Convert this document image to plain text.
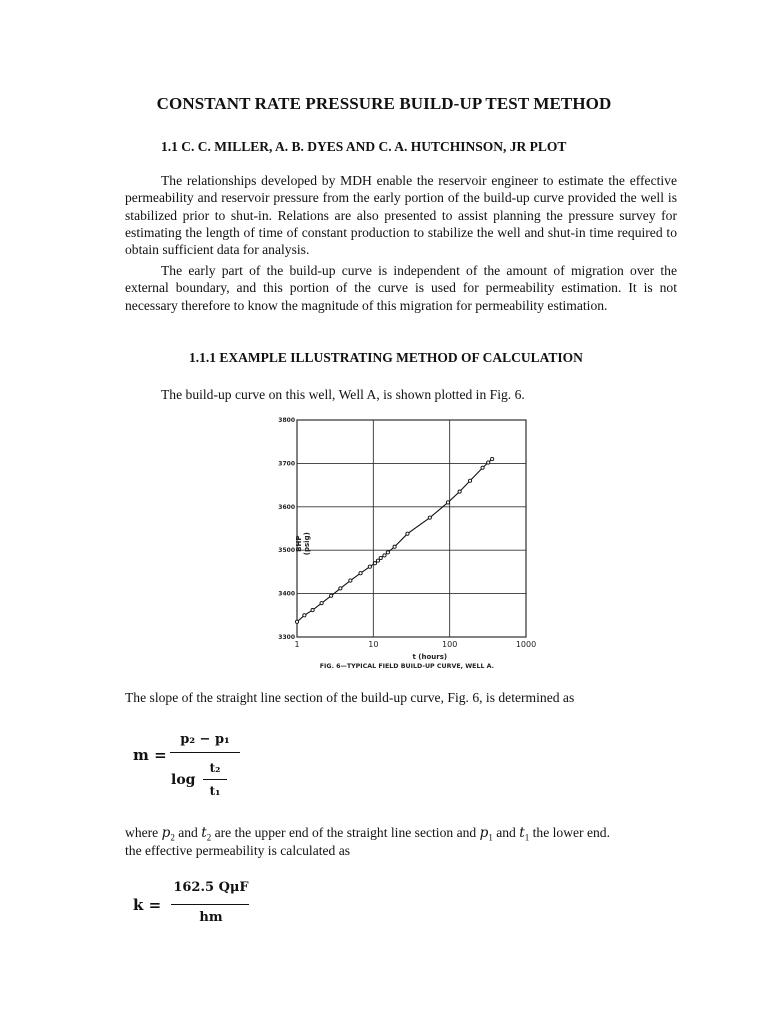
CONSTANT RATE PRESSURE BUILD-UP TEST METHOD
1.1 C. C. MILLER, A. B. DYES AND C. A. HUTCHINSON, JR PLOT

The relationships developed by MDH enable the reservoir engineer to estimate the effective permeability and reservoir pressure from the early portion of the build-up curve provided the well is stabilized prior to shut-in. Relations are also presented to assist planning the pressure survey for estimating the length of time of constant production to stabilize the well and shut-in time required to obtain sufficient data for analysis.

The early part of the build-up curve is independent of the amount of migration over the external boundary, and this portion of the curve is used for permeability estimation. It is not necessary therefore to know the magnitude of this migration for permeability estimation.

1.1.1 EXAMPLE ILLUSTRATING METHOD OF CALCULATION
The build-up curve on this well, Well A, is shown plotted in Fig. 6.
1	10	100	1000
3300
3400
3500
3600
3700
3800
BHP (psig)
t (hours)
FIG. 6—TYPICAL FIELD BUILD-UP CURVE, WELL A.
The slope of the straight line section of the build-up curve, Fig. 6, is determined as
m =
p₂ − p₁
log
t₂
t₁
where $p_2$ and $t_2$ are the upper end of the straight line section and $p_1$ and $t_1$ the lower end.
the effective permeability is calculated as
k =
162.5 QμF
hm
